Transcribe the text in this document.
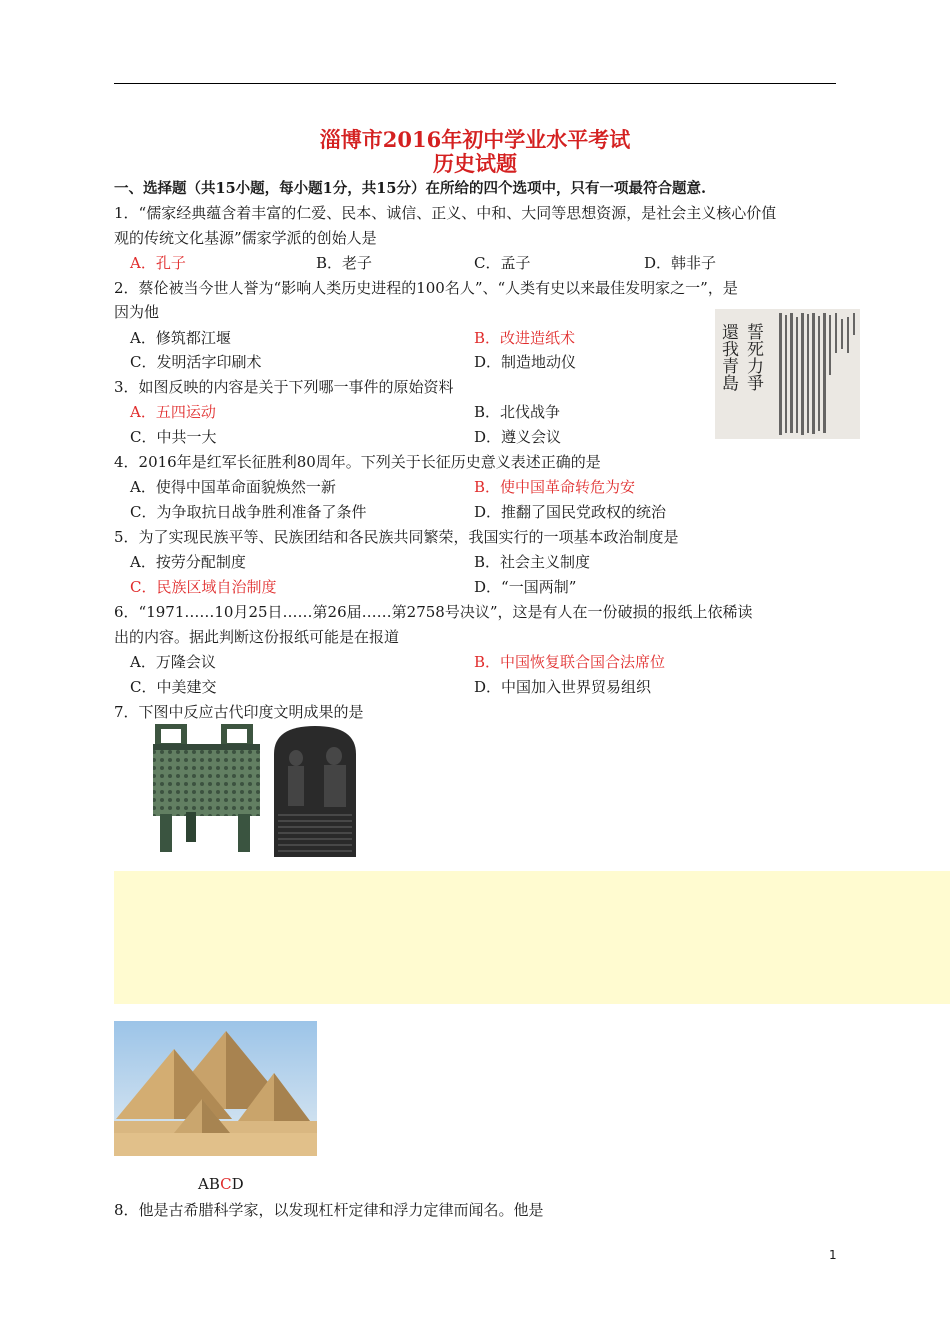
淄博市2016年初中学业水平考试
历史试题
一、选择题（共15小题，每小题1分，共15分）在所给的四个选项中，只有一项最符合题意.
1．“儒家经典蕴含着丰富的仁爱、民本、诚信、正义、中和、大同等思想资源，是社会主义核心价值
观的传统文化基源”儒家学派的创始人是
A．孔子	B．老子	C．孟子	D．韩非子
2．蔡伦被当今世人誉为“影响人类历史进程的100名人”、“人类有史以来最佳发明家之一”，是
因为他
A．修筑都江堰	B．改进造纸术
C．发明活字印刷术	D．制造地动仪
3．如图反映的内容是关于下列哪一事件的原始资料
A．五四运动	B．北伐战争
C．中共一大	D．遵义会议
誓死力爭
還我青島
4．2016年是红军长征胜利80周年。下列关于长征历史意义表述正确的是
A．使得中国革命面貌焕然一新	B．使中国革命转危为安
C．为争取抗日战争胜利准备了条件	D．推翻了国民党政权的统治
5．为了实现民族平等、民族团结和各民族共同繁荣，我国实行的一项基本政治制度是
A．按劳分配制度	B．社会主义制度
C．民族区域自治制度	D．“一国两制”
6．“1971……10月25日……第26届……第2758号决议”，这是有人在一份破损的报纸上依稀读
出的内容。据此判断这份报纸可能是在报道
A．万隆会议	B．中国恢复联合国合法席位
C．中美建交	D．中国加入世界贸易组织
7．下图中反应古代印度文明成果的是
ABCD
8．他是古希腊科学家，以发现杠杆定律和浮力定律而闻名。他是
1
